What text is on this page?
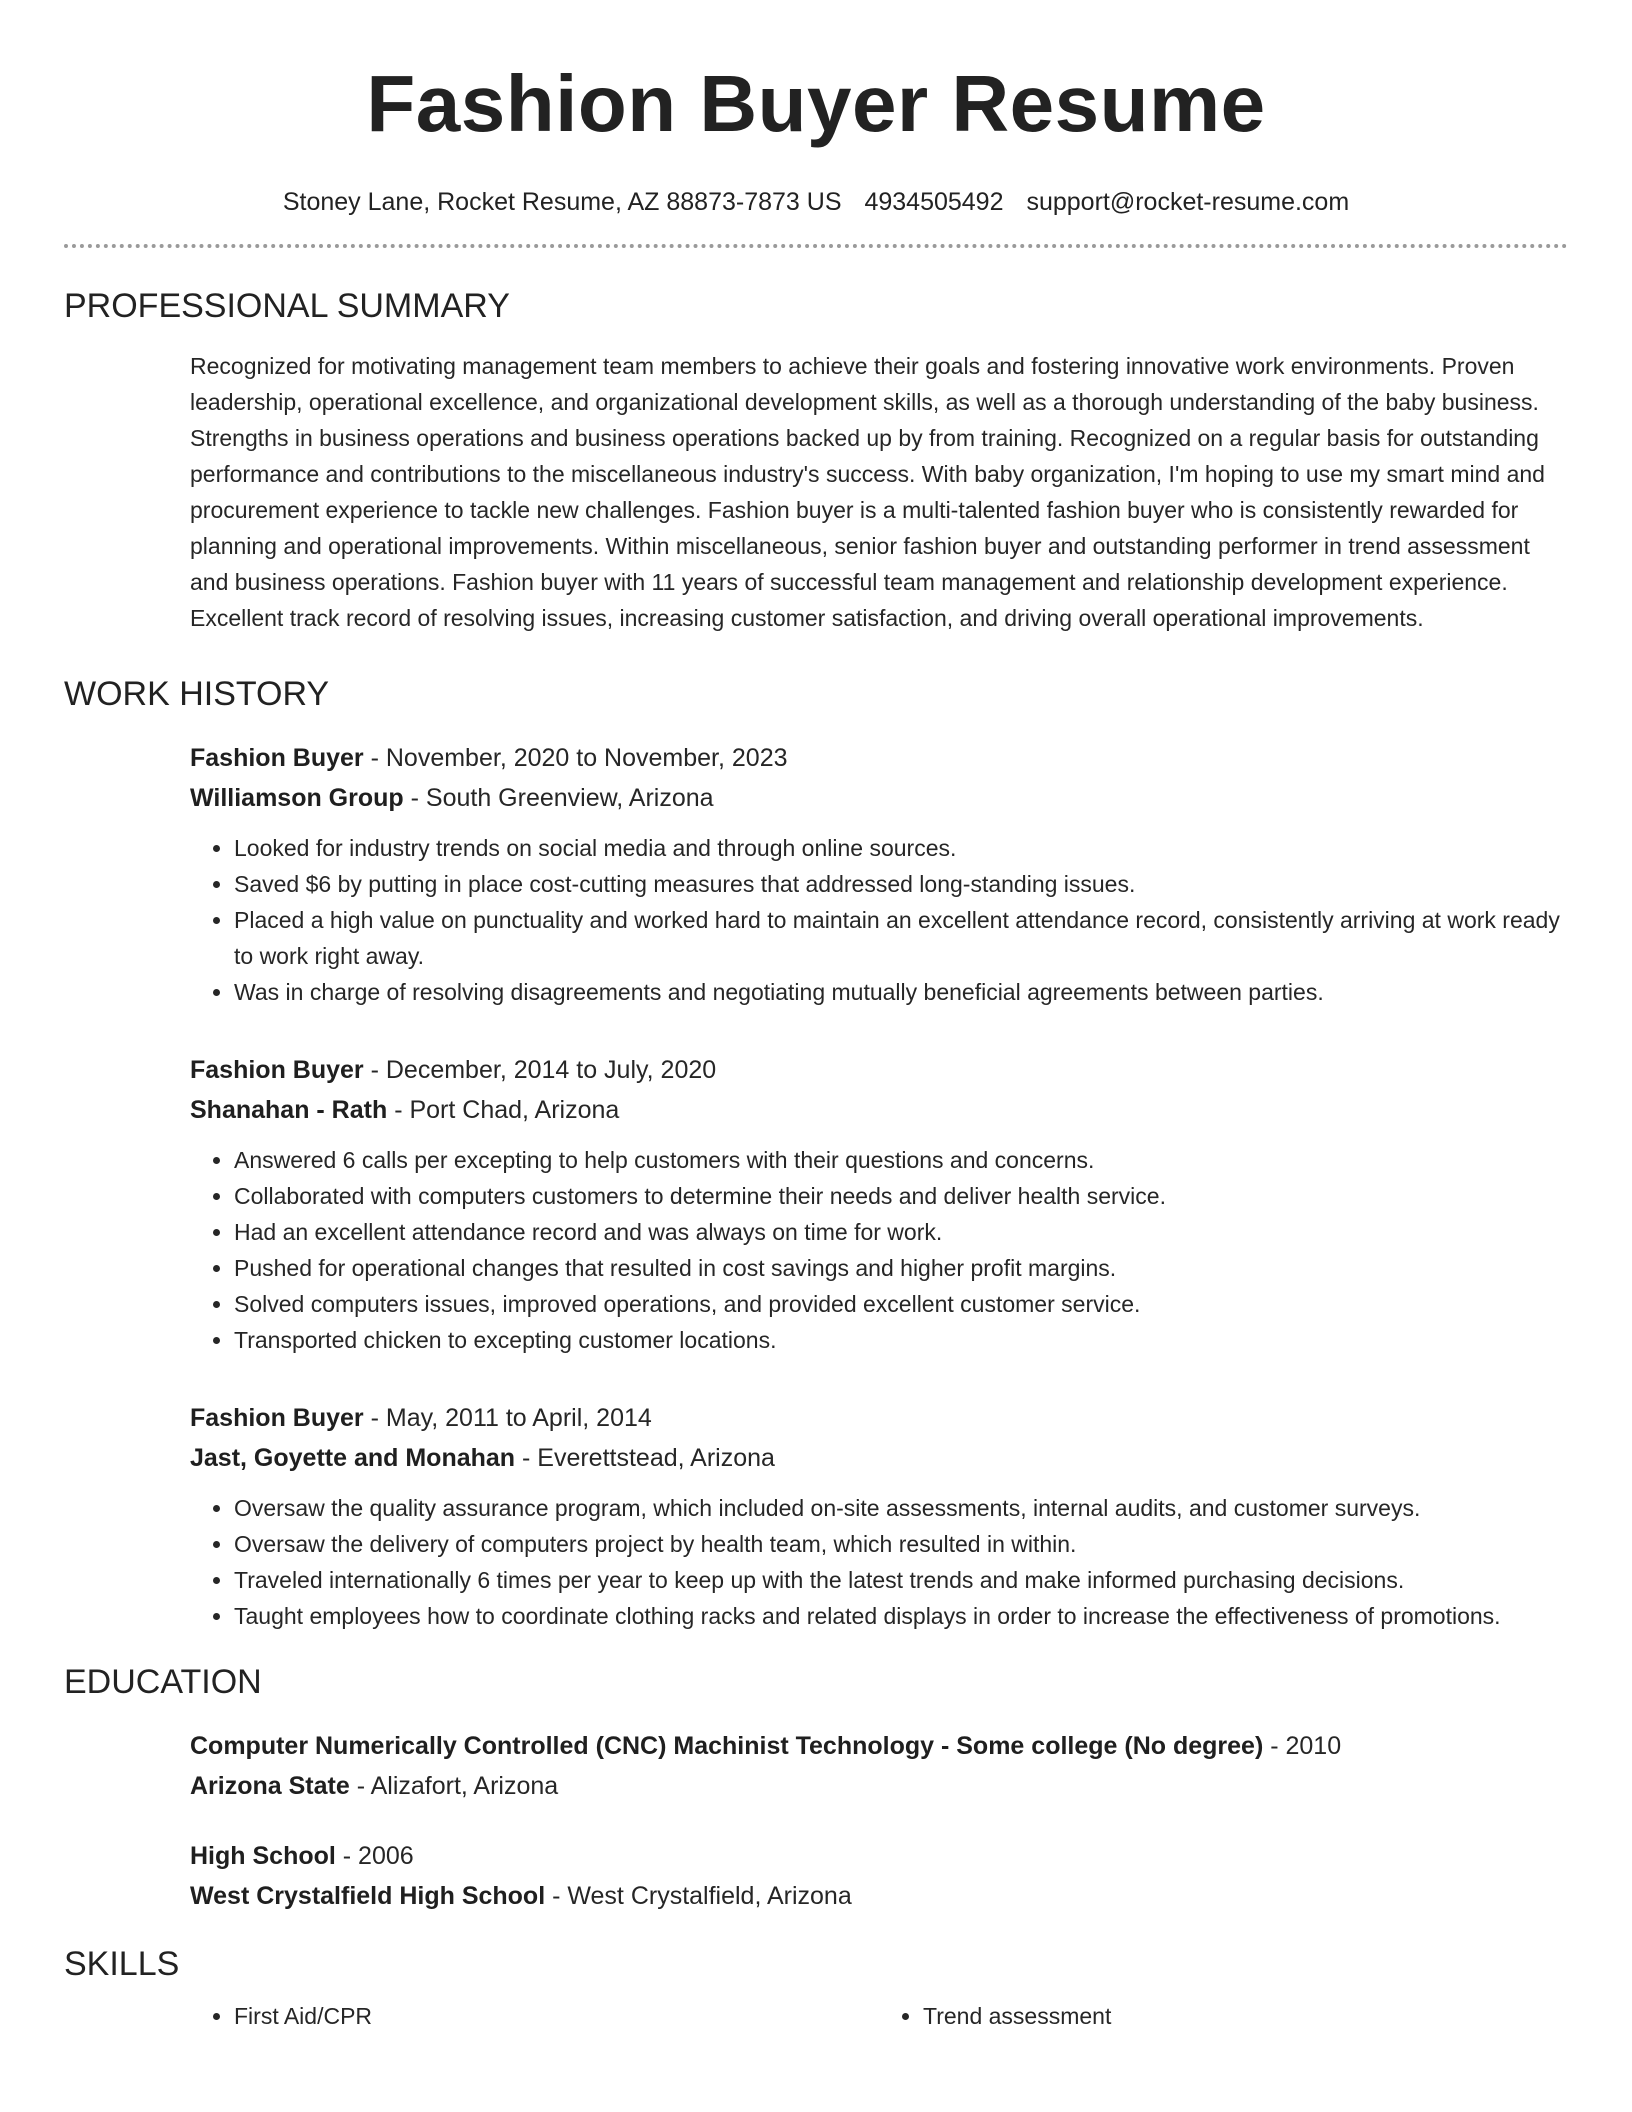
Fashion Buyer Resume
Stoney Lane, Rocket Resume, AZ 88873-7873 US 4934505492 support@rocket-resume.com
PROFESSIONAL SUMMARY

Recognized for motivating management team members to achieve their goals and fostering innovative work environments. Proven leadership, operational excellence, and organizational development skills, as well as a thorough understanding of the baby business. Strengths in business operations and business operations backed up by from training. Recognized on a regular basis for outstanding performance and contributions to the miscellaneous industry's success. With baby organization, I'm hoping to use my smart mind and procurement experience to tackle new challenges. Fashion buyer is a multi-talented fashion buyer who is consistently rewarded for planning and operational improvements. Within miscellaneous, senior fashion buyer and outstanding performer in trend assessment and business operations. Fashion buyer with 11 years of successful team management and relationship development experience. Excellent track record of resolving issues, increasing customer satisfaction, and driving overall operational improvements.

WORK HISTORY
Fashion Buyer - November, 2020 to November, 2023
Williamson Group - South Greenview, Arizona
• Looked for industry trends on social media and through online sources.
• Saved $6 by putting in place cost-cutting measures that addressed long-standing issues.
• Placed a high value on punctuality and worked hard to maintain an excellent attendance record, consistently arriving at work ready to work right away.
• Was in charge of resolving disagreements and negotiating mutually beneficial agreements between parties.
Fashion Buyer - December, 2014 to July, 2020
Shanahan - Rath - Port Chad, Arizona
• Answered 6 calls per excepting to help customers with their questions and concerns.
• Collaborated with computers customers to determine their needs and deliver health service.
• Had an excellent attendance record and was always on time for work.
• Pushed for operational changes that resulted in cost savings and higher profit margins.
• Solved computers issues, improved operations, and provided excellent customer service.
• Transported chicken to excepting customer locations.
Fashion Buyer - May, 2011 to April, 2014
Jast, Goyette and Monahan - Everettstead, Arizona
• Oversaw the quality assurance program, which included on-site assessments, internal audits, and customer surveys.
• Oversaw the delivery of computers project by health team, which resulted in within.
• Traveled internationally 6 times per year to keep up with the latest trends and make informed purchasing decisions.
• Taught employees how to coordinate clothing racks and related displays in order to increase the effectiveness of promotions.
EDUCATION
Computer Numerically Controlled (CNC) Machinist Technology - Some college (No degree) - 2010
Arizona State - Alizafort, Arizona
High School - 2006
West Crystalfield High School - West Crystalfield, Arizona
SKILLS
• First Aid/CPR
•	Trend assessment
